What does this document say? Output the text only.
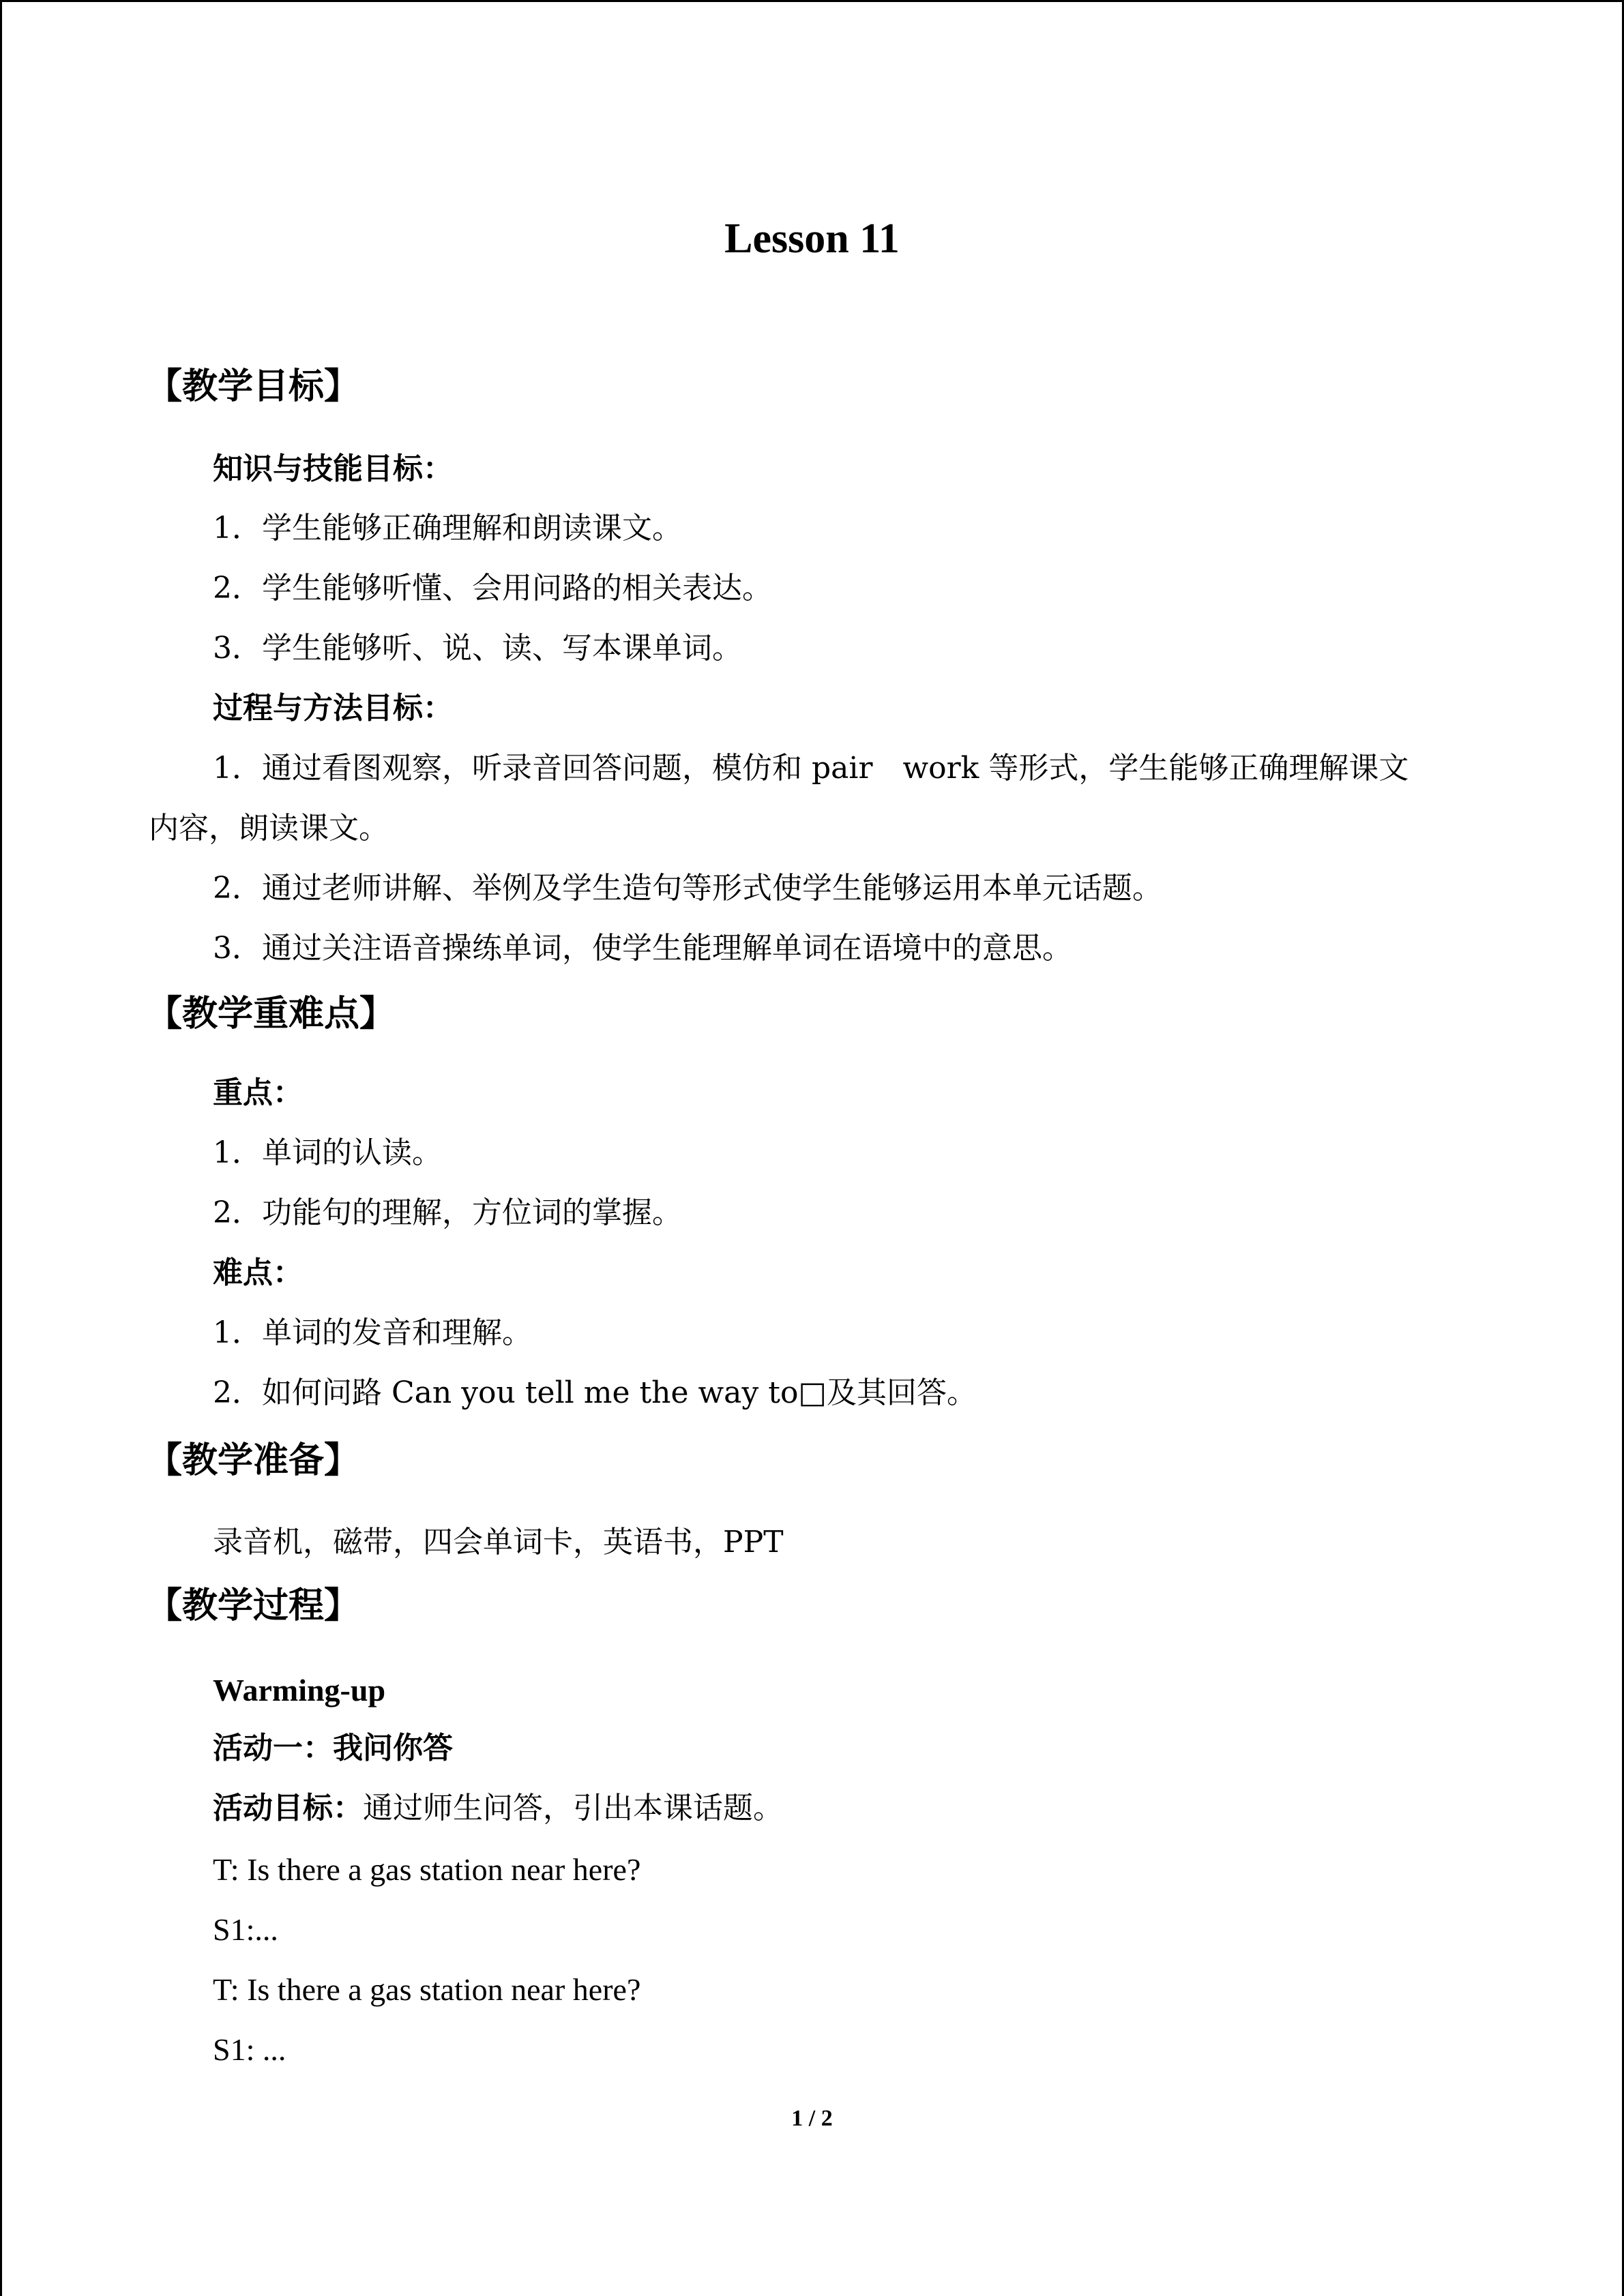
Lesson 11
【教学目标】
知识与技能目标：
1．学生能够正确理解和朗读课文。
2．学生能够听懂、会用问路的相关表达。
3．学生能够听、说、读、写本课单词。
过程与方法目标：
1．通过看图观察，听录音回答问题，模仿和 pair　work 等形式，学生能够正确理解课文
内容，朗读课文。
2．通过老师讲解、举例及学生造句等形式使学生能够运用本单元话题。
3．通过关注语音操练单词，使学生能理解单词在语境中的意思。
【教学重难点】
重点：
1．单词的认读。
2．功能句的理解，方位词的掌握。
难点：
1．单词的发音和理解。
2．如何问路 Can you tell me the way to□及其回答。
【教学准备】
录音机，磁带，四会单词卡，英语书，PPT
【教学过程】
Warming-up
活动一：我问你答
活动目标：通过师生问答，引出本课话题。
T: Is there a gas station near here?
S1:...
T: Is there a gas station near here?
S1: ...
1 / 2
